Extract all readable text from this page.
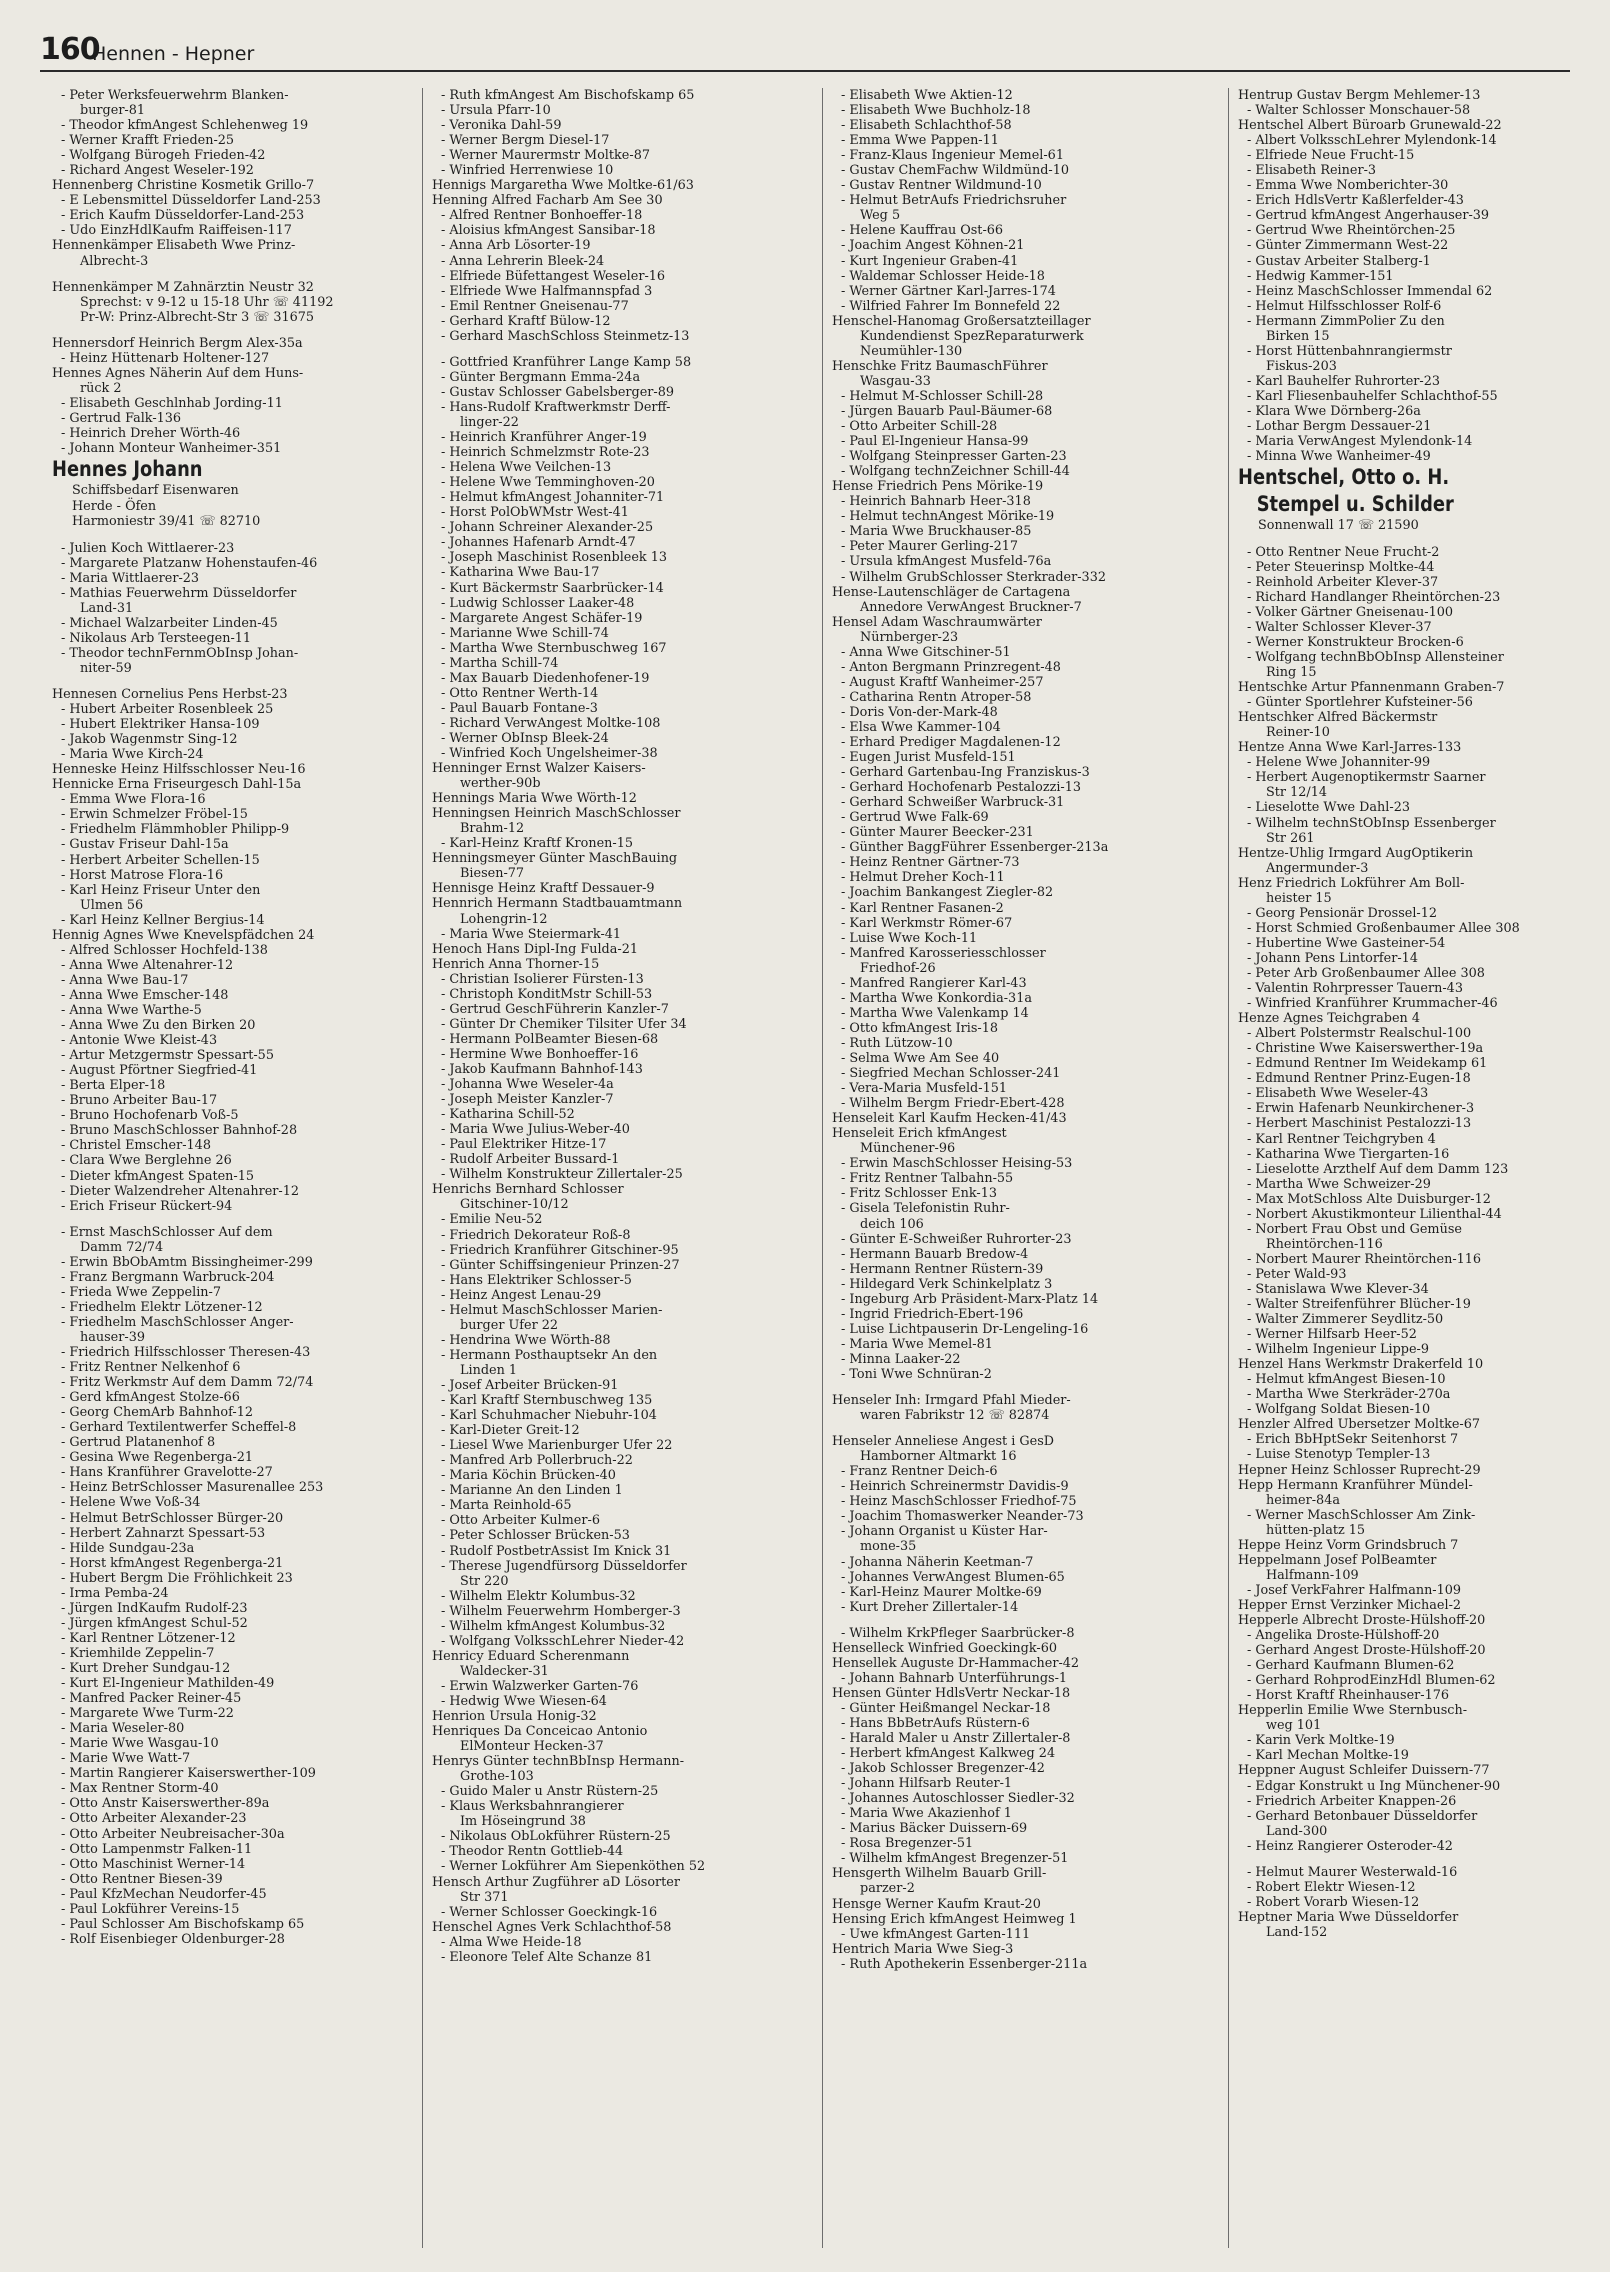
160
Hennen - Hepner
- Peter Werksfeuerwehrm Blanken-
burger-81
- Theodor kfmAngest Schlehenweg 19
- Werner Krafft Frieden-25
- Wolfgang Bürogeh Frieden-42
- Richard Angest Weseler-192
Hennenberg Christine Kosmetik Grillo-7
- E Lebensmittel Düsseldorfer Land-253
- Erich Kaufm Düsseldorfer-Land-253
- Udo EinzHdlKaufm Raiffeisen-117
Hennenkämper Elisabeth Wwe Prinz-
Albrecht-3
Hennenkämper M Zahnärztin Neustr 32
Sprechst: v 9-12 u 15-18 Uhr ☏ 41192
Pr-W: Prinz-Albrecht-Str 3 ☏ 31675
Hennersdorf Heinrich Bergm Alex-35a
- Heinz Hüttenarb Holtener-127
Hennes Agnes Näherin Auf dem Huns-
rück 2
- Elisabeth Geschlnhab Jording-11
- Gertrud Falk-136
- Heinrich Dreher Wörth-46
- Johann Monteur Wanheimer-351
Hennes Johann
Schiffsbedarf Eisenwaren
Herde - Öfen
Harmoniestr 39/41 ☏ 82710
- Julien Koch Wittlaerer-23
- Margarete Platzanw Hohenstaufen-46
- Maria Wittlaerer-23
- Mathias Feuerwehrm Düsseldorfer
Land-31
- Michael Walzarbeiter Linden-45
- Nikolaus Arb Tersteegen-11
- Theodor technFernmObInsp Johan-
niter-59
Hennesen Cornelius Pens Herbst-23
- Hubert Arbeiter Rosenbleek 25
- Hubert Elektriker Hansa-109
- Jakob Wagenmstr Sing-12
- Maria Wwe Kirch-24
Henneske Heinz Hilfsschlosser Neu-16
Hennicke Erna Friseurgesch Dahl-15a
- Emma Wwe Flora-16
- Erwin Schmelzer Fröbel-15
- Friedhelm Flämmhobler Philipp-9
- Gustav Friseur Dahl-15a
- Herbert Arbeiter Schellen-15
- Horst Matrose Flora-16
- Karl Heinz Friseur Unter den
Ulmen 56
- Karl Heinz Kellner Bergius-14
Hennig Agnes Wwe Knevelspfädchen 24
- Alfred Schlosser Hochfeld-138
- Anna Wwe Altenahrer-12
- Anna Wwe Bau-17
- Anna Wwe Emscher-148
- Anna Wwe Warthe-5
- Anna Wwe Zu den Birken 20
- Antonie Wwe Kleist-43
- Artur Metzgermstr Spessart-55
- August Pförtner Siegfried-41
- Berta Elper-18
- Bruno Arbeiter Bau-17
- Bruno Hochofenarb Voß-5
- Bruno MaschSchlosser Bahnhof-28
- Christel Emscher-148
- Clara Wwe Berglehne 26
- Dieter kfmAngest Spaten-15
- Dieter Walzendreher Altenahrer-12
- Erich Friseur Rückert-94
- Ernst MaschSchlosser Auf dem
Damm 72/74
- Erwin BbObAmtm Bissingheimer-299
- Franz Bergmann Warbruck-204
- Frieda Wwe Zeppelin-7
- Friedhelm Elektr Lötzener-12
- Friedhelm MaschSchlosser Anger-
hauser-39
- Friedrich Hilfsschlosser Theresen-43
- Fritz Rentner Nelkenhof 6
- Fritz Werkmstr Auf dem Damm 72/74
- Gerd kfmAngest Stolze-66
- Georg ChemArb Bahnhof-12
- Gerhard Textilentwerfer Scheffel-8
- Gertrud Platanenhof 8
- Gesina Wwe Regenberga-21
- Hans Kranführer Gravelotte-27
- Heinz BetrSchlosser Masurenallee 253
- Helene Wwe Voß-34
- Helmut BetrSchlosser Bürger-20
- Herbert Zahnarzt Spessart-53
- Hilde Sundgau-23a
- Horst kfmAngest Regenberga-21
- Hubert Bergm Die Fröhlichkeit 23
- Irma Pemba-24
- Jürgen IndKaufm Rudolf-23
- Jürgen kfmAngest Schul-52
- Karl Rentner Lötzener-12
- Kriemhilde Zeppelin-7
- Kurt Dreher Sundgau-12
- Kurt El-Ingenieur Mathilden-49
- Manfred Packer Reiner-45
- Margarete Wwe Turm-22
- Maria Weseler-80
- Marie Wwe Wasgau-10
- Marie Wwe Watt-7
- Martin Rangierer Kaiserswerther-109
- Max Rentner Storm-40
- Otto Anstr Kaiserswerther-89a
- Otto Arbeiter Alexander-23
- Otto Arbeiter Neubreisacher-30a
- Otto Lampenmstr Falken-11
- Otto Maschinist Werner-14
- Otto Rentner Biesen-39
- Paul KfzMechan Neudorfer-45
- Paul Lokführer Vereins-15
- Paul Schlosser Am Bischofskamp 65
- Rolf Eisenbieger Oldenburger-28
- Ruth kfmAngest Am Bischofskamp 65
- Ursula Pfarr-10
- Veronika Dahl-59
- Werner Bergm Diesel-17
- Werner Maurermstr Moltke-87
- Winfried Herrenwiese 10
Hennigs Margaretha Wwe Moltke-61/63
Henning Alfred Facharb Am See 30
- Alfred Rentner Bonhoeffer-18
- Aloisius kfmAngest Sansibar-18
- Anna Arb Lösorter-19
- Anna Lehrerin Bleek-24
- Elfriede Büfettangest Weseler-16
- Elfriede Wwe Halfmannspfad 3
- Emil Rentner Gneisenau-77
- Gerhard Kraftf Bülow-12
- Gerhard MaschSchloss Steinmetz-13
- Gottfried Kranführer Lange Kamp 58
- Günter Bergmann Emma-24a
- Gustav Schlosser Gabelsberger-89
- Hans-Rudolf Kraftwerkmstr Derff-
linger-22
- Heinrich Kranführer Anger-19
- Heinrich Schmelzmstr Rote-23
- Helena Wwe Veilchen-13
- Helene Wwe Temminghoven-20
- Helmut kfmAngest Johanniter-71
- Horst PolObWMstr West-41
- Johann Schreiner Alexander-25
- Johannes Hafenarb Arndt-47
- Joseph Maschinist Rosenbleek 13
- Katharina Wwe Bau-17
- Kurt Bäckermstr Saarbrücker-14
- Ludwig Schlosser Laaker-48
- Margarete Angest Schäfer-19
- Marianne Wwe Schill-74
- Martha Wwe Sternbuschweg 167
- Martha Schill-74
- Max Bauarb Diedenhofener-19
- Otto Rentner Werth-14
- Paul Bauarb Fontane-3
- Richard VerwAngest Moltke-108
- Werner ObInsp Bleek-24
- Winfried Koch Ungelsheimer-38
Henninger Ernst Walzer Kaisers-
werther-90b
Hennings Maria Wwe Wörth-12
Henningsen Heinrich MaschSchlosser
Brahm-12
- Karl-Heinz Kraftf Kronen-15
Henningsmeyer Günter MaschBauing
Biesen-77
Hennisge Heinz Kraftf Dessauer-9
Hennrich Hermann Stadtbauamtmann
Lohengrin-12
- Maria Wwe Steiermark-41
Henoch Hans Dipl-Ing Fulda-21
Henrich Anna Thorner-15
- Christian Isolierer Fürsten-13
- Christoph KonditMstr Schill-53
- Gertrud GeschFührerin Kanzler-7
- Günter Dr Chemiker Tilsiter Ufer 34
- Hermann PolBeamter Biesen-68
- Hermine Wwe Bonhoeffer-16
- Jakob Kaufmann Bahnhof-143
- Johanna Wwe Weseler-4a
- Joseph Meister Kanzler-7
- Katharina Schill-52
- Maria Wwe Julius-Weber-40
- Paul Elektriker Hitze-17
- Rudolf Arbeiter Bussard-1
- Wilhelm Konstrukteur Zillertaler-25
Henrichs Bernhard Schlosser
Gitschiner-10/12
- Emilie Neu-52
- Friedrich Dekorateur Roß-8
- Friedrich Kranführer Gitschiner-95
- Günter Schiffsingenieur Prinzen-27
- Hans Elektriker Schlosser-5
- Heinz Angest Lenau-29
- Helmut MaschSchlosser Marien-
burger Ufer 22
- Hendrina Wwe Wörth-88
- Hermann Posthauptsekr An den
Linden 1
- Josef Arbeiter Brücken-91
- Karl Kraftf Sternbuschweg 135
- Karl Schuhmacher Niebuhr-104
- Karl-Dieter Greit-12
- Liesel Wwe Marienburger Ufer 22
- Manfred Arb Pollerbruch-22
- Maria Köchin Brücken-40
- Marianne An den Linden 1
- Marta Reinhold-65
- Otto Arbeiter Kulmer-6
- Peter Schlosser Brücken-53
- Rudolf PostbetrAssist Im Knick 31
- Therese Jugendfürsorg Düsseldorfer
Str 220
- Wilhelm Elektr Kolumbus-32
- Wilhelm Feuerwehrm Homberger-3
- Wilhelm kfmAngest Kolumbus-32
- Wolfgang VolksschLehrer Nieder-42
Henricy Eduard Scherenmann
Waldecker-31
- Erwin Walzwerker Garten-76
- Hedwig Wwe Wiesen-64
Henrion Ursula Honig-32
Henriques Da Conceicao Antonio
ElMonteur Hecken-37
Henrys Günter technBbInsp Hermann-
Grothe-103
- Guido Maler u Anstr Rüstern-25
- Klaus Werksbahnrangierer
Im Höseingrund 38
- Nikolaus ObLokführer Rüstern-25
- Theodor Rentn Gottlieb-44
- Werner Lokführer Am Siepenköthen 52
Hensch Arthur Zugführer aD Lösorter
Str 371
- Werner Schlosser Goeckingk-16
Henschel Agnes Verk Schlachthof-58
- Alma Wwe Heide-18
- Eleonore Telef Alte Schanze 81
- Elisabeth Wwe Aktien-12
- Elisabeth Wwe Buchholz-18
- Elisabeth Schlachthof-58
- Emma Wwe Pappen-11
- Franz-Klaus Ingenieur Memel-61
- Gustav ChemFachw Wildmünd-10
- Gustav Rentner Wildmund-10
- Helmut BetrAufs Friedrichsruher
Weg 5
- Helene Kauffrau Ost-66
- Joachim Angest Köhnen-21
- Kurt Ingenieur Graben-41
- Waldemar Schlosser Heide-18
- Werner Gärtner Karl-Jarres-174
- Wilfried Fahrer Im Bonnefeld 22
Henschel-Hanomag Großersatzteillager
Kundendienst SpezReparaturwerk
Neumühler-130
Henschke Fritz BaumaschFührer
Wasgau-33
- Helmut M-Schlosser Schill-28
- Jürgen Bauarb Paul-Bäumer-68
- Otto Arbeiter Schill-28
- Paul El-Ingenieur Hansa-99
- Wolfgang Steinpresser Garten-23
- Wolfgang technZeichner Schill-44
Hense Friedrich Pens Mörike-19
- Heinrich Bahnarb Heer-318
- Helmut technAngest Mörike-19
- Maria Wwe Bruckhauser-85
- Peter Maurer Gerling-217
- Ursula kfmAngest Musfeld-76a
- Wilhelm GrubSchlosser Sterkrader-332
Hense-Lautenschläger de Cartagena
Annedore VerwAngest Bruckner-7
Hensel Adam Waschraumwärter
Nürnberger-23
- Anna Wwe Gitschiner-51
- Anton Bergmann Prinzregent-48
- August Kraftf Wanheimer-257
- Catharina Rentn Atroper-58
- Doris Von-der-Mark-48
- Elsa Wwe Kammer-104
- Erhard Prediger Magdalenen-12
- Eugen Jurist Musfeld-151
- Gerhard Gartenbau-Ing Franziskus-3
- Gerhard Hochofenarb Pestalozzi-13
- Gerhard Schweißer Warbruck-31
- Gertrud Wwe Falk-69
- Günter Maurer Beecker-231
- Günther BaggFührer Essenberger-213a
- Heinz Rentner Gärtner-73
- Helmut Dreher Koch-11
- Joachim Bankangest Ziegler-82
- Karl Rentner Fasanen-2
- Karl Werkmstr Römer-67
- Luise Wwe Koch-11
- Manfred Karosseriesschlosser
Friedhof-26
- Manfred Rangierer Karl-43
- Martha Wwe Konkordia-31a
- Martha Wwe Valenkamp 14
- Otto kfmAngest Iris-18
- Ruth Lützow-10
- Selma Wwe Am See 40
- Siegfried Mechan Schlosser-241
- Vera-Maria Musfeld-151
- Wilhelm Bergm Friedr-Ebert-428
Henseleit Karl Kaufm Hecken-41/43
Henseleit Erich kfmAngest
Münchener-96
- Erwin MaschSchlosser Heising-53
- Fritz Rentner Talbahn-55
- Fritz Schlosser Enk-13
- Gisela Telefonistin Ruhr-
deich 106
- Günter E-Schweißer Ruhrorter-23
- Hermann Bauarb Bredow-4
- Hermann Rentner Rüstern-39
- Hildegard Verk Schinkelplatz 3
- Ingeburg Arb Präsident-Marx-Platz 14
- Ingrid Friedrich-Ebert-196
- Luise Lichtpauserin Dr-Lengeling-16
- Maria Wwe Memel-81
- Minna Laaker-22
- Toni Wwe Schnüran-2
Henseler Inh: Irmgard Pfahl Mieder-
waren Fabrikstr 12 ☏ 82874
Henseler Anneliese Angest i GesD
Hamborner Altmarkt 16
- Franz Rentner Deich-6
- Heinrich Schreinermstr Davidis-9
- Heinz MaschSchlosser Friedhof-75
- Joachim Thomaswerker Neander-73
- Johann Organist u Küster Har-
mone-35
- Johanna Näherin Keetman-7
- Johannes VerwAngest Blumen-65
- Karl-Heinz Maurer Moltke-69
- Kurt Dreher Zillertaler-14
- Wilhelm KrkPfleger Saarbrücker-8
Henselleck Winfried Goeckingk-60
Hensellek Auguste Dr-Hammacher-42
- Johann Bahnarb Unterführungs-1
Hensen Günter HdlsVertr Neckar-18
- Günter Heißmangel Neckar-18
- Hans BbBetrAufs Rüstern-6
- Harald Maler u Anstr Zillertaler-8
- Herbert kfmAngest Kalkweg 24
- Jakob Schlosser Bregenzer-42
- Johann Hilfsarb Reuter-1
- Johannes Autoschlosser Siedler-32
- Maria Wwe Akazienhof 1
- Marius Bäcker Duissern-69
- Rosa Bregenzer-51
- Wilhelm kfmAngest Bregenzer-51
Hensgerth Wilhelm Bauarb Grill-
parzer-2
Hensge Werner Kaufm Kraut-20
Hensing Erich kfmAngest Heimweg 1
- Uwe kfmAngest Garten-111
Hentrich Maria Wwe Sieg-3
- Ruth Apothekerin Essenberger-211a
Hentrup Gustav Bergm Mehlemer-13
- Walter Schlosser Monschauer-58
Hentschel Albert Büroarb Grunewald-22
- Albert VolksschLehrer Mylendonk-14
- Elfriede Neue Frucht-15
- Elisabeth Reiner-3
- Emma Wwe Nomberichter-30
- Erich HdlsVertr Kaßlerfelder-43
- Gertrud kfmAngest Angerhauser-39
- Gertrud Wwe Rheintörchen-25
- Günter Zimmermann West-22
- Gustav Arbeiter Stalberg-1
- Hedwig Kammer-151
- Heinz MaschSchlosser Immendal 62
- Helmut Hilfsschlosser Rolf-6
- Hermann ZimmPolier Zu den
Birken 15
- Horst Hüttenbahnrangiermstr
Fiskus-203
- Karl Bauhelfer Ruhrorter-23
- Karl Fliesenbauhelfer Schlachthof-55
- Klara Wwe Dörnberg-26a
- Lothar Bergm Dessauer-21
- Maria VerwAngest Mylendonk-14
- Minna Wwe Wanheimer-49
Hentschel, Otto o. H.
Stempel u. Schilder
Sonnenwall 17 ☏ 21590
- Otto Rentner Neue Frucht-2
- Peter Steuerinsp Moltke-44
- Reinhold Arbeiter Klever-37
- Richard Handlanger Rheintörchen-23
- Volker Gärtner Gneisenau-100
- Walter Schlosser Klever-37
- Werner Konstrukteur Brocken-6
- Wolfgang technBbObInsp Allensteiner
Ring 15
Hentschke Artur Pfannenmann Graben-7
- Günter Sportlehrer Kufsteiner-56
Hentschker Alfred Bäckermstr
Reiner-10
Hentze Anna Wwe Karl-Jarres-133
- Helene Wwe Johanniter-99
- Herbert Augenoptikermstr Saarner
Str 12/14
- Lieselotte Wwe Dahl-23
- Wilhelm technStObInsp Essenberger
Str 261
Hentze-Uhlig Irmgard AugOptikerin
Angermunder-3
Henz Friedrich Lokführer Am Boll-
heister 15
- Georg Pensionär Drossel-12
- Horst Schmied Großenbaumer Allee 308
- Hubertine Wwe Gasteiner-54
- Johann Pens Lintorfer-14
- Peter Arb Großenbaumer Allee 308
- Valentin Rohrpresser Tauern-43
- Winfried Kranführer Krummacher-46
Henze Agnes Teichgraben 4
- Albert Polstermstr Realschul-100
- Christine Wwe Kaiserswerther-19a
- Edmund Rentner Im Weidekamp 61
- Edmund Rentner Prinz-Eugen-18
- Elisabeth Wwe Weseler-43
- Erwin Hafenarb Neunkirchener-3
- Herbert Maschinist Pestalozzi-13
- Karl Rentner Teichgryben 4
- Katharina Wwe Tiergarten-16
- Lieselotte Arzthelf Auf dem Damm 123
- Martha Wwe Schweizer-29
- Max MotSchloss Alte Duisburger-12
- Norbert Akustikmonteur Lilienthal-44
- Norbert Frau Obst und Gemüse
Rheintörchen-116
- Norbert Maurer Rheintörchen-116
- Peter Wald-93
- Stanislawa Wwe Klever-34
- Walter Streifenführer Blücher-19
- Walter Zimmerer Seydlitz-50
- Werner Hilfsarb Heer-52
- Wilhelm Ingenieur Lippe-9
Henzel Hans Werkmstr Drakerfeld 10
- Helmut kfmAngest Biesen-10
- Martha Wwe Sterkräder-270a
- Wolfgang Soldat Biesen-10
Henzler Alfred Übersetzer Moltke-67
- Erich BbHptSekr Seitenhorst 7
- Luise Stenotyp Templer-13
Hepner Heinz Schlosser Ruprecht-29
Hepp Hermann Kranführer Mündel-
heimer-84a
- Werner MaschSchlosser Am Zink-
hütten-platz 15
Heppe Heinz Vorm Grindsbruch 7
Heppelmann Josef PolBeamter
Halfmann-109
- Josef VerkFahrer Halfmann-109
Hepper Ernst Verzinker Michael-2
Hepperle Albrecht Droste-Hülshoff-20
- Angelika Droste-Hülshoff-20
- Gerhard Angest Droste-Hülshoff-20
- Gerhard Kaufmann Blumen-62
- Gerhard RohprodEinzHdl Blumen-62
- Horst Kraftf Rheinhauser-176
Hepperlin Emilie Wwe Sternbusch-
weg 101
- Karin Verk Moltke-19
- Karl Mechan Moltke-19
Heppner August Schleifer Duissern-77
- Edgar Konstrukt u Ing Münchener-90
- Friedrich Arbeiter Knappen-26
- Gerhard Betonbauer Düsseldorfer
Land-300
- Heinz Rangierer Osteroder-42
- Helmut Maurer Westerwald-16
- Robert Elektr Wiesen-12
- Robert Vorarb Wiesen-12
Heptner Maria Wwe Düsseldorfer
Land-152
